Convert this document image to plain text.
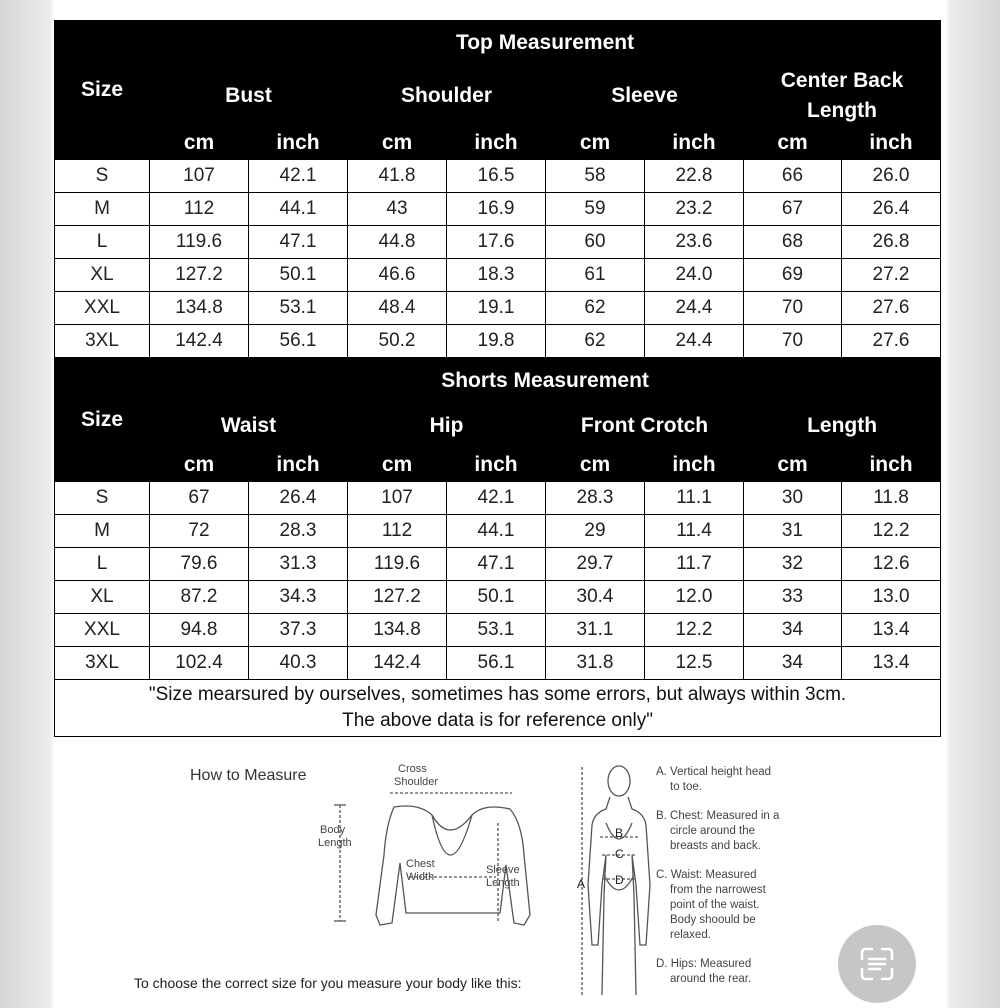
Size	Top Measurement							
	Bust		Shoulder		Sleeve		Center Back Length	
	cm	inch	cm	inch	cm	inch	cm	inch
S	107	42.1	41.8	16.5	58	22.8	66	26.0
M	112	44.1	43	16.9	59	23.2	67	26.4
L	119.6	47.1	44.8	17.6	60	23.6	68	26.8
XL	127.2	50.1	46.6	18.3	61	24.0	69	27.2
XXL	134.8	53.1	48.4	19.1	62	24.4	70	27.6
3XL	142.4	56.1	50.2	19.8	62	24.4	70	27.6
Size	Shorts Measurement							
	Waist		Hip		Front Crotch		Length	
	cm	inch	cm	inch	cm	inch	cm	inch
S	67	26.4	107	42.1	28.3	11.1	30	11.8
M	72	28.3	112	44.1	29	11.4	31	12.2
L	79.6	31.3	119.6	47.1	29.7	11.7	32	12.6
XL	87.2	34.3	127.2	50.1	30.4	12.0	33	13.0
XXL	94.8	37.3	134.8	53.1	31.1	12.2	34	13.4
3XL	102.4	40.3	142.4	56.1	31.8	12.5	34	13.4

"Size mearsured by ourselves, sometimes has some errors, but always within 3cm.
The above data is for reference only"								
How to Measure	Cross
Shoulder
Body
Length
Chest
Width
Sleeve
Length	A
B
C
D
A. Vertical height head
to toe.
B. Chest: Measured in a
circle around the
breasts and back.
C. Waist: Measured
from the narrowest
point of the waist.
Body shoould be
relaxed.
D. Hips: Measured
around the rear.
To choose the correct size for you measure your body like this:
